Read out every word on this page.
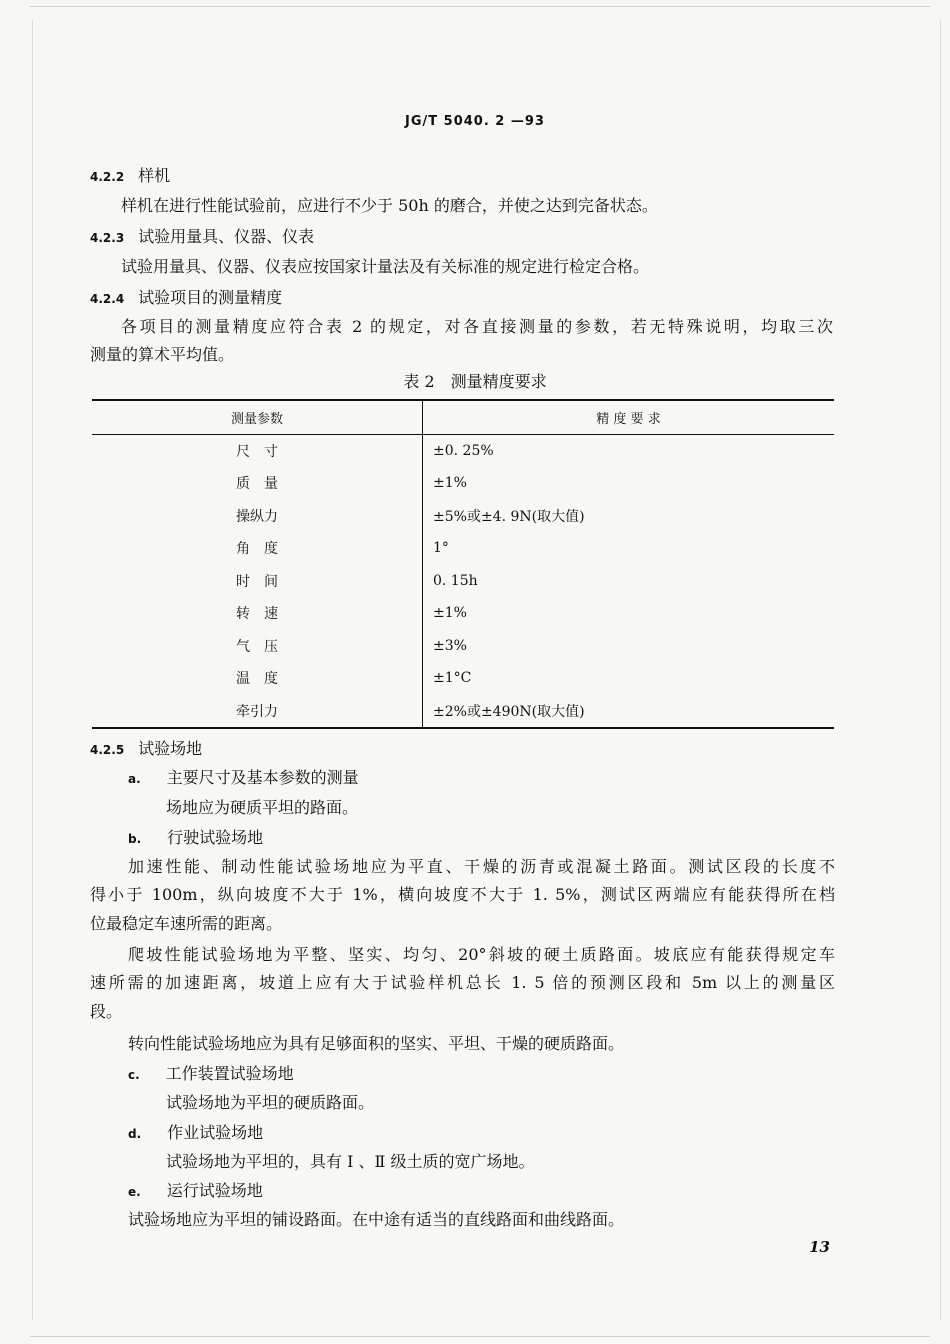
JG/T 5040. 2 —93
4.2.2 样机
样机在进行性能试验前，应进行不少于 50h 的磨合，并使之达到完备状态。
4.2.3 试验用量具、仪器、仪表
试验用量具、仪器、仪表应按国家计量法及有关标准的规定进行检定合格。
4.2.4 试验项目的测量精度
各项目的测量精度应符合表 2 的规定，对各直接测量的参数，若无特殊说明，均取三次
测量的算术平均值。
表 2　测量精度要求
测量参数	精 度 要 求
尺　寸	±0. 25%
质　量	±1%
操纵力	±5%或±4. 9N(取大值)
角　度	1°
时　间	0. 15h
转　速	±1%
气　压	±3%
温　度	±1°C
牵引力	±2%或±490N(取大值)
4.2.5 试验场地
a. 主要尺寸及基本参数的测量
场地应为硬质平坦的路面。
b. 行驶试验场地
加速性能、制动性能试验场地应为平直、干燥的沥青或混凝土路面。测试区段的长度不
得小于 100m，纵向坡度不大于 1%，横向坡度不大于 1. 5%，测试区两端应有能获得所在档
位最稳定车速所需的距离。
爬坡性能试验场地为平整、坚实、均匀、20°斜坡的硬土质路面。坡底应有能获得规定车
速所需的加速距离，坡道上应有大于试验样机总长 1. 5 倍的预测区段和 5m 以上的测量区
段。
转向性能试验场地应为具有足够面积的坚实、平坦、干燥的硬质路面。
c. 工作装置试验场地
试验场地为平坦的硬质路面。
d. 作业试验场地
试验场地为平坦的，具有 Ⅰ 、Ⅱ 级土质的宽广场地。
e. 运行试验场地
试验场地应为平坦的铺设路面。在中途有适当的直线路面和曲线路面。
13
